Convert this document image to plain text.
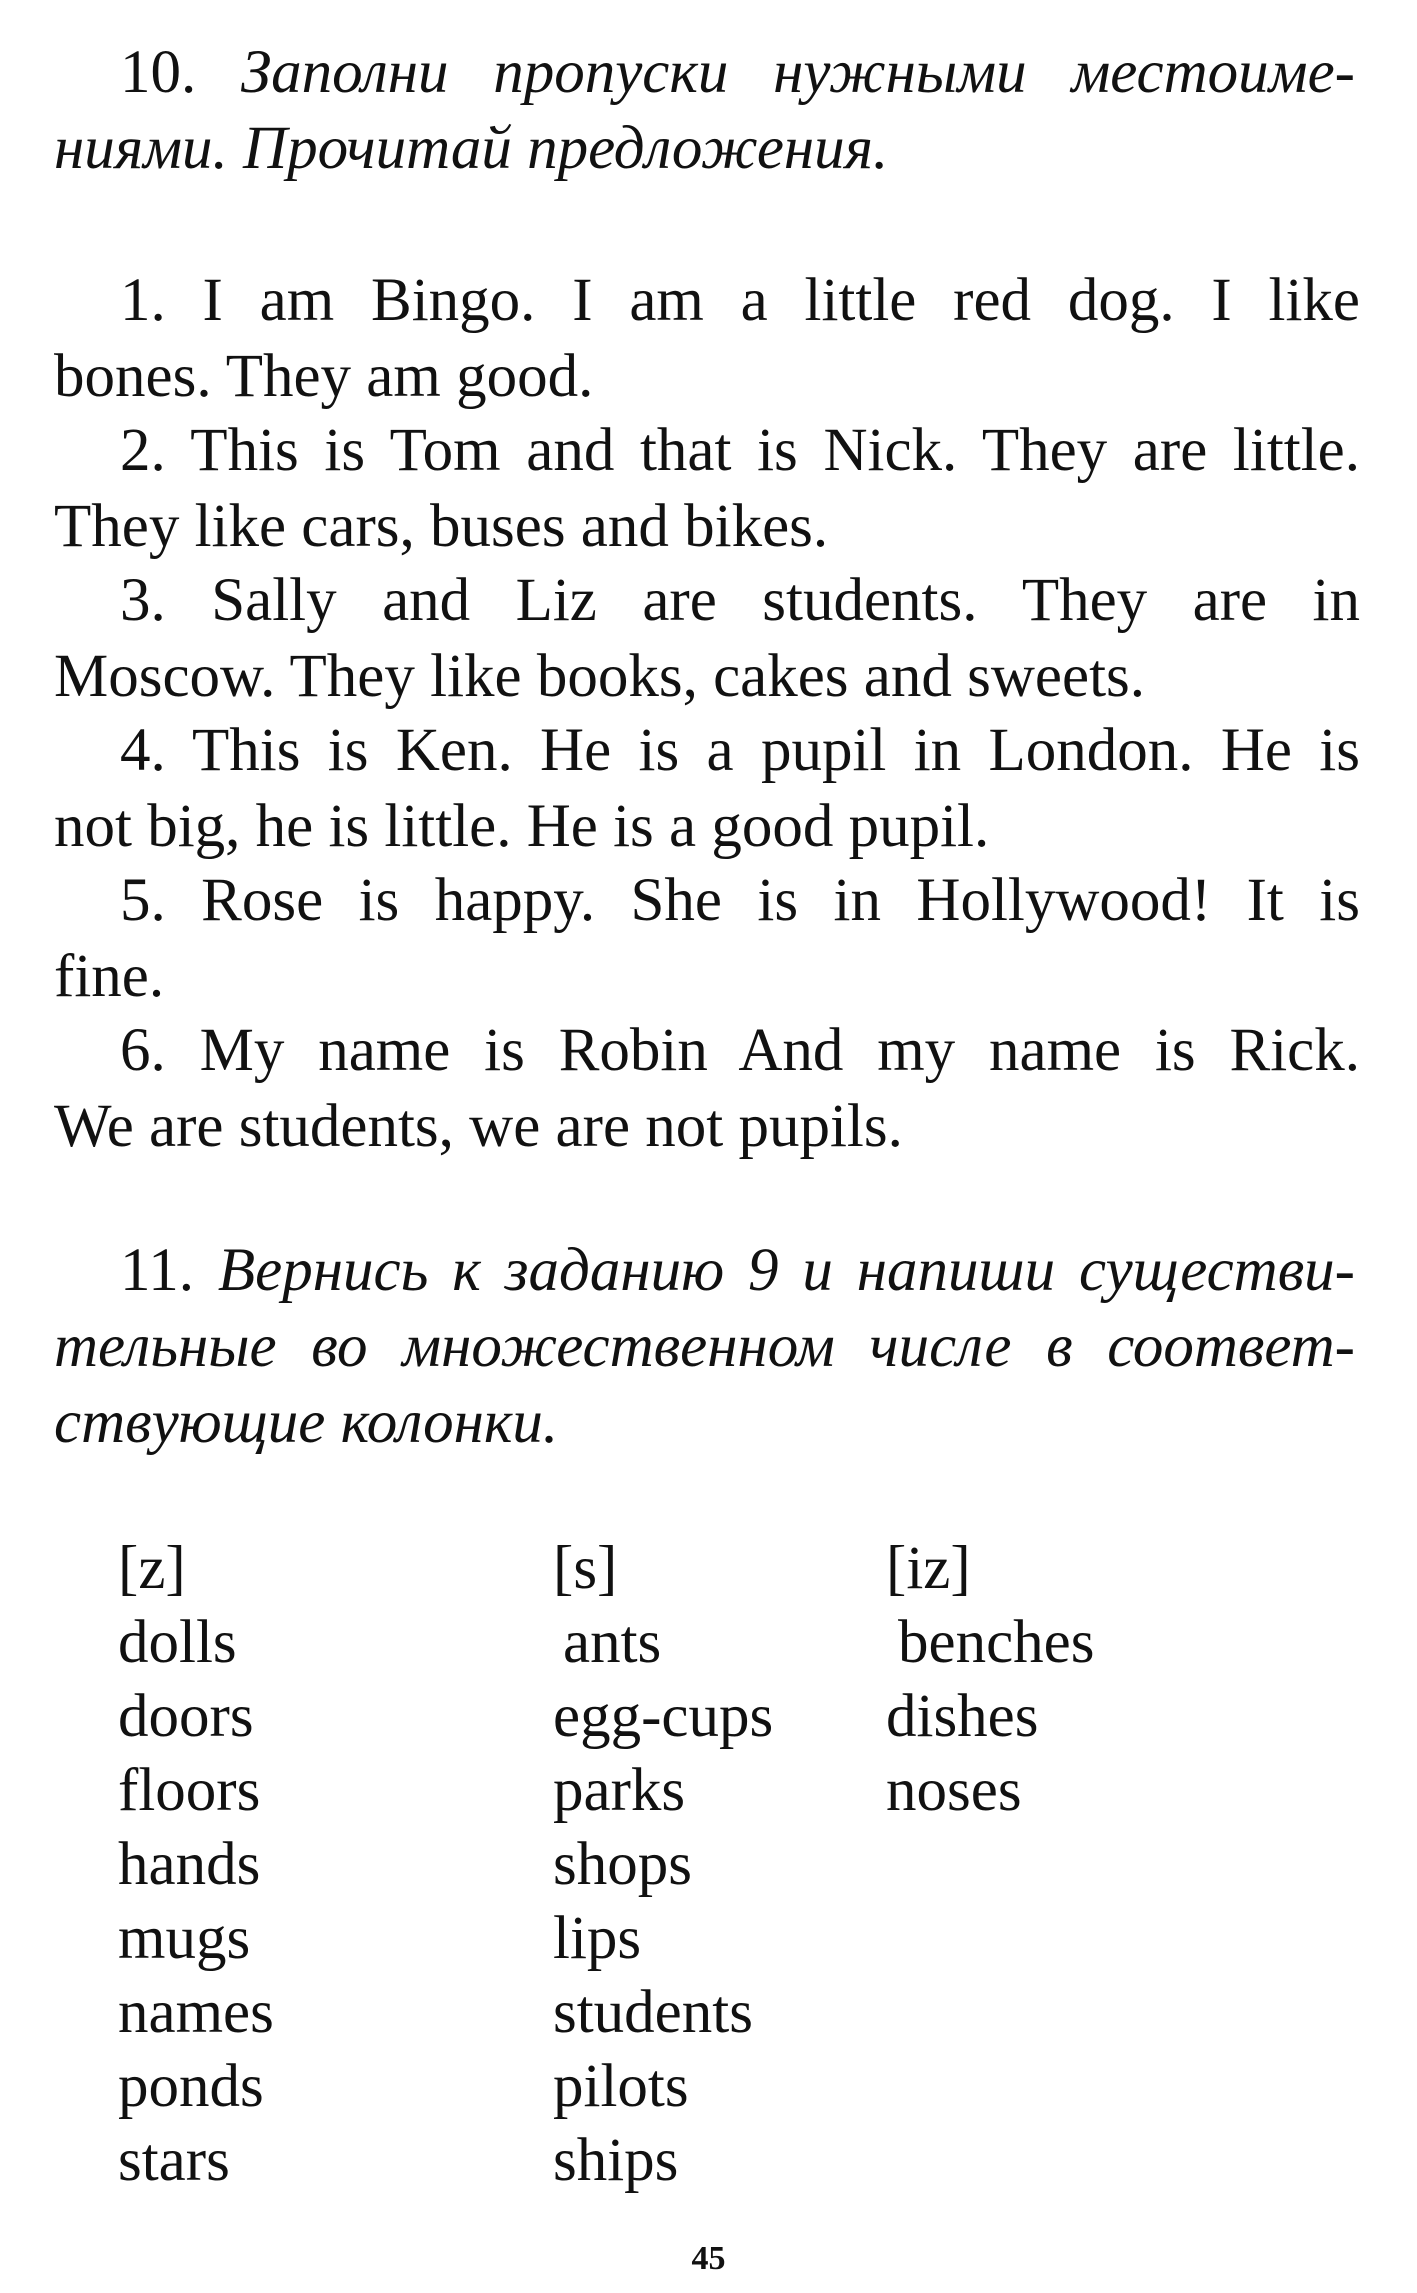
10. Заполни пропуски нужными местоиме-
ниями. Прочитай предложения.
1. I am Bingo. I am a little red dog. I like
bones. They am good.
2. This is Tom and that is Nick. They are little.
They like cars, buses and bikes.
3. Sally and Liz are students. They are in
Moscow. They like books, cakes and sweets.
4. This is Ken. He is a pupil in London. He is
not big, he is little. He is a good pupil.
5. Rose is happy. She is in Hollywood! It is
fine.
6. My name is Robin And my name is Rick.
We are students, we are not pupils.
11. Вернись к заданию 9 и напиши существи-
тельные во множественном числе в соответ-
ствующие колонки.
[z]
dolls
doors
floors
hands
mugs
names
ponds
stars
[s]
ants
egg-cups
parks
shops
lips
students
pilots
ships
[iz]
benches
dishes
noses
45
